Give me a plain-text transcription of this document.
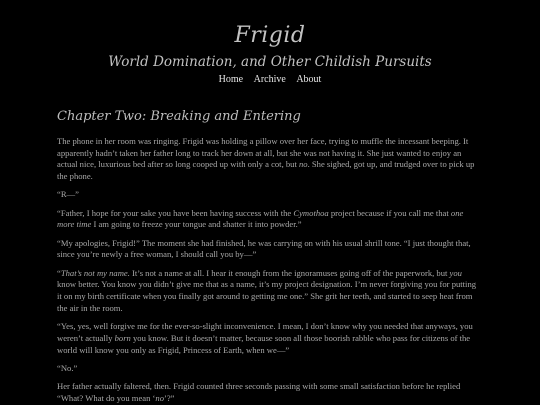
Frigid
World Domination, and Other Childish Pursuits
Home Archive About
Chapter Two: Breaking and Entering

The phone in her room was ringing. Frigid was holding a pillow over her face, trying to muffle the incessant beeping. It apparently hadn’t taken her father long to track her down at all, but she was not having it. She just wanted to enjoy an actual nice, luxurious bed after so long cooped up with only a cot, but no. She sighed, got up, and trudged over to pick up the phone.

“R—”

“Father, I hope for your sake you have been having success with the Cymothoa project because if you call me that one more time I am going to freeze your tongue and shatter it into powder.”

“My apologies, Frigid!” The moment she had finished, he was carrying on with his usual shrill tone. “I just thought that, since you’re newly a free woman, I should call you by—”

“That’s not my name. It’s not a name at all. I hear it enough from the ignoramuses going off of the paperwork, but you know better. You know you didn’t give me that as a name, it’s my project designation. I’m never forgiving you for putting it on my birth certificate when you finally got around to getting me one.” She grit her teeth, and started to seep heat from the air in the room.

“Yes, yes, well forgive me for the ever-so-slight inconvenience. I mean, I don’t know why you needed that anyways, you weren’t actually born you know. But it doesn’t matter, because soon all those boorish rabble who pass for citizens of the world will know you only as Frigid, Princess of Earth, when we—”

“No.”

Her father actually faltered, then. Frigid counted three seconds passing with some small satisfaction before he replied “What? What do you mean ‘no’?”
